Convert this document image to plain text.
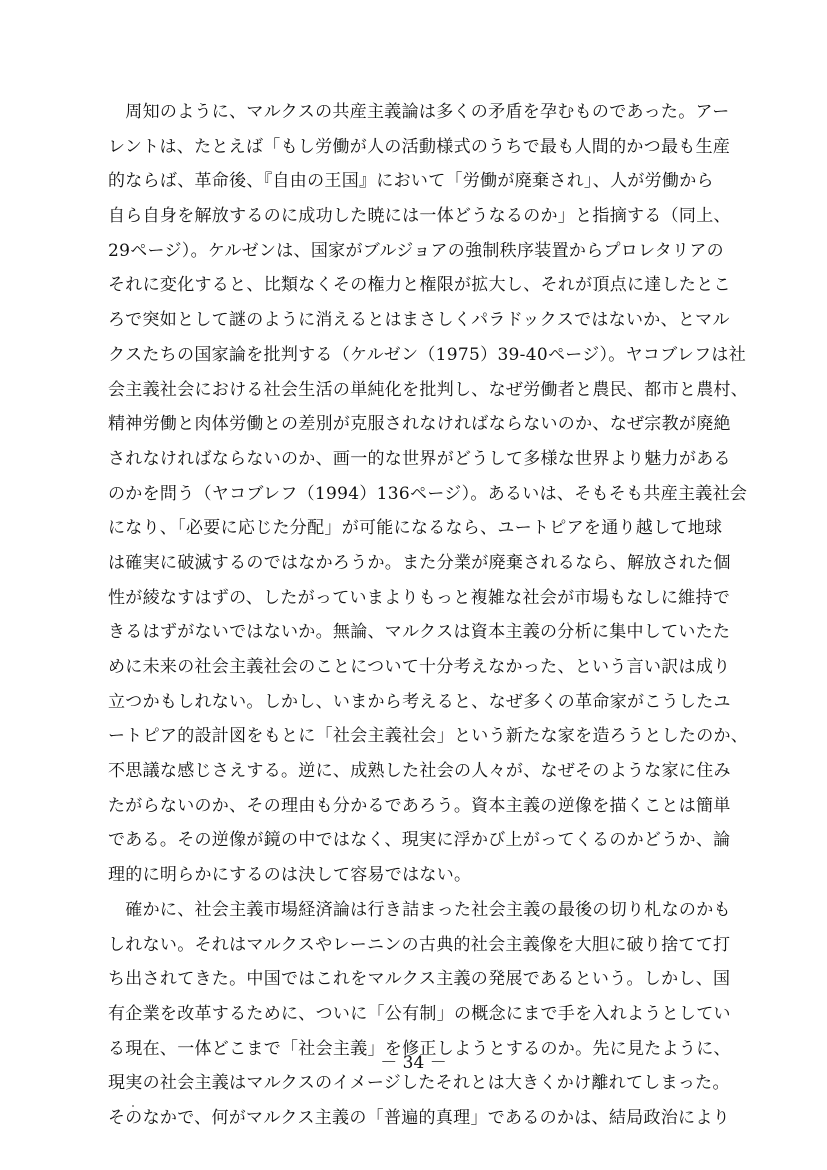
　周知のように、マルクスの共産主義論は多くの矛盾を孕むものであった。アー
レントは、たとえば「もし労働が人の活動様式のうちで最も人間的かつ最も生産
的ならば、革命後、『自由の王国』において「労働が廃棄され」、人が労働から
自ら自身を解放するのに成功した暁には一体どうなるのか」と指摘する（同上、
29ページ）。ケルゼンは、国家がブルジョアの強制秩序装置からプロレタリアの
それに変化すると、比類なくその権力と権限が拡大し、それが頂点に達したとこ
ろで突如として謎のように消えるとはまさしくパラドックスではないか、とマル
クスたちの国家論を批判する（ケルゼン（1975）39-40ページ）。ヤコブレフは社
会主義社会における社会生活の単純化を批判し、なぜ労働者と農民、都市と農村、
精神労働と肉体労働との差別が克服されなければならないのか、なぜ宗教が廃絶
されなければならないのか、画一的な世界がどうして多様な世界より魅力がある
のかを問う（ヤコブレフ（1994）136ページ）。あるいは、そもそも共産主義社会
になり、「必要に応じた分配」が可能になるなら、ユートピアを通り越して地球
は確実に破滅するのではなかろうか。また分業が廃棄されるなら、解放された個
性が綾なすはずの、したがっていまよりもっと複雑な社会が市場もなしに維持で
きるはずがないではないか。無論、マルクスは資本主義の分析に集中していたた
めに未来の社会主義社会のことについて十分考えなかった、という言い訳は成り
立つかもしれない。しかし、いまから考えると、なぜ多くの革命家がこうしたユ
ートピア的設計図をもとに「社会主義社会」という新たな家を造ろうとしたのか、
不思議な感じさえする。逆に、成熟した社会の人々が、なぜそのような家に住み
たがらないのか、その理由も分かるであろう。資本主義の逆像を描くことは簡単
である。その逆像が鏡の中ではなく、現実に浮かび上がってくるのかどうか、論
理的に明らかにするのは決して容易ではない。
　確かに、社会主義市場経済論は行き詰まった社会主義の最後の切り札なのかも
しれない。それはマルクスやレーニンの古典的社会主義像を大胆に破り捨てて打
ち出されてきた。中国ではこれをマルクス主義の発展であるという。しかし、国
有企業を改革するために、ついに「公有制」の概念にまで手を入れようとしてい
る現在、一体どこまで「社会主義」を修正しようとするのか。先に見たように、
現実の社会主義はマルクスのイメージしたそれとは大きくかけ離れてしまった。
そのなかで、何がマルクス主義の「普遍的真理」であるのかは、結局政治により
－ 34 －
